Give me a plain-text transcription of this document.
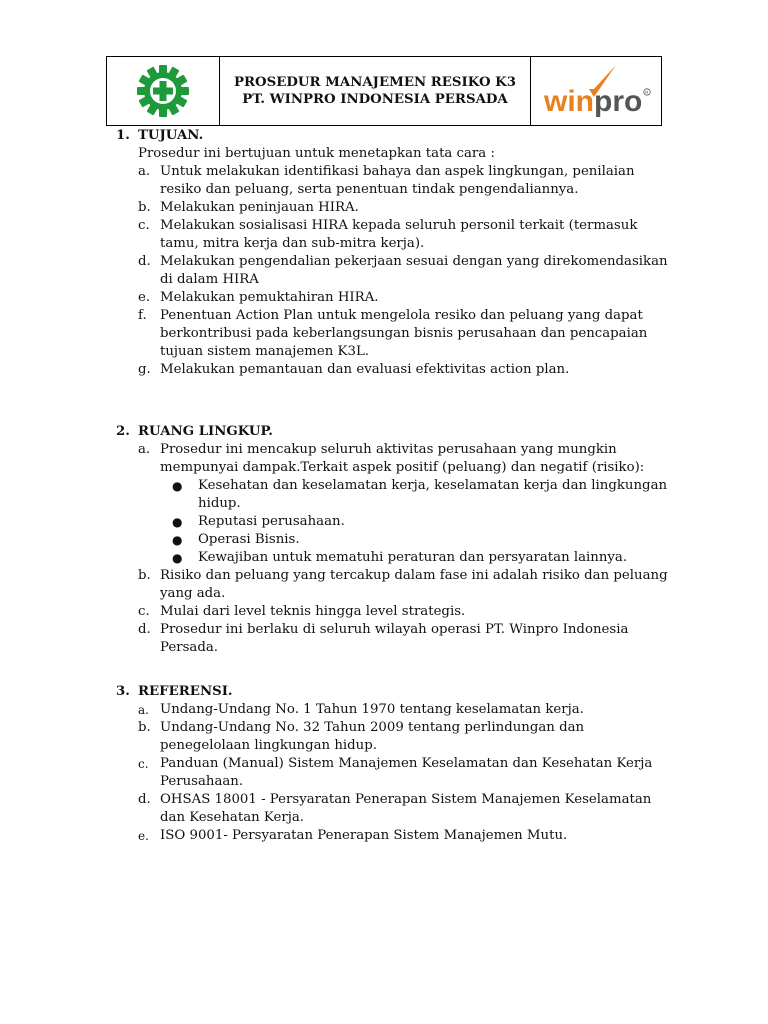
PROSEDUR MANAJEMEN RESIKO K3
PT. WINPRO INDONESIA PERSADA winpro R
1. TUJUAN.
Prosedur ini bertujuan untuk menetapkan tata cara :
a. Untuk melakukan identifikasi bahaya dan aspek lingkungan, penilaian resiko dan peluang, serta penentuan tindak pengendaliannya.
b. Melakukan peninjauan HIRA.
c. Melakukan sosialisasi HIRA kepada seluruh personil terkait (termasuk tamu, mitra kerja dan sub-mitra kerja).
d. Melakukan pengendalian pekerjaan sesuai dengan yang direkomendasikan di dalam HIRA
e. Melakukan pemuktahiran HIRA.
f.	Penentuan Action Plan untuk mengelola resiko dan peluang yang dapat berkontribusi pada keberlangsungan bisnis perusahaan dan pencapaian tujuan sistem manajemen K3L.
g. Melakukan pemantauan dan evaluasi efektivitas action plan.
2. RUANG LINGKUP.
a. Prosedur ini mencakup seluruh aktivitas perusahaan yang mungkin mempunyai dampak.Terkait aspek positif (peluang) dan negatif (risiko):
●	Kesehatan dan keselamatan kerja, keselamatan kerja dan lingkungan hidup.
●	Reputasi perusahaan.
●	Operasi Bisnis.
●	Kewajiban untuk mematuhi peraturan dan persyaratan lainnya.
b. Risiko dan peluang yang tercakup dalam fase ini adalah risiko dan peluang yang ada.
c. Mulai dari level teknis hingga level strategis.
d. Prosedur ini berlaku di seluruh wilayah operasi PT. Winpro Indonesia Persada.
3. REFERENSI.
a. Undang-Undang No. 1 Tahun 1970 tentang keselamatan kerja.
b. Undang-Undang No. 32 Tahun 2009 tentang perlindungan dan penegelolaan lingkungan hidup.
c. Panduan (Manual) Sistem Manajemen Keselamatan dan Kesehatan Kerja Perusahaan.
d. OHSAS 18001 - Persyaratan Penerapan Sistem Manajemen Keselamatan dan Kesehatan Kerja.
e. ISO 9001- Persyaratan Penerapan Sistem Manajemen Mutu.
